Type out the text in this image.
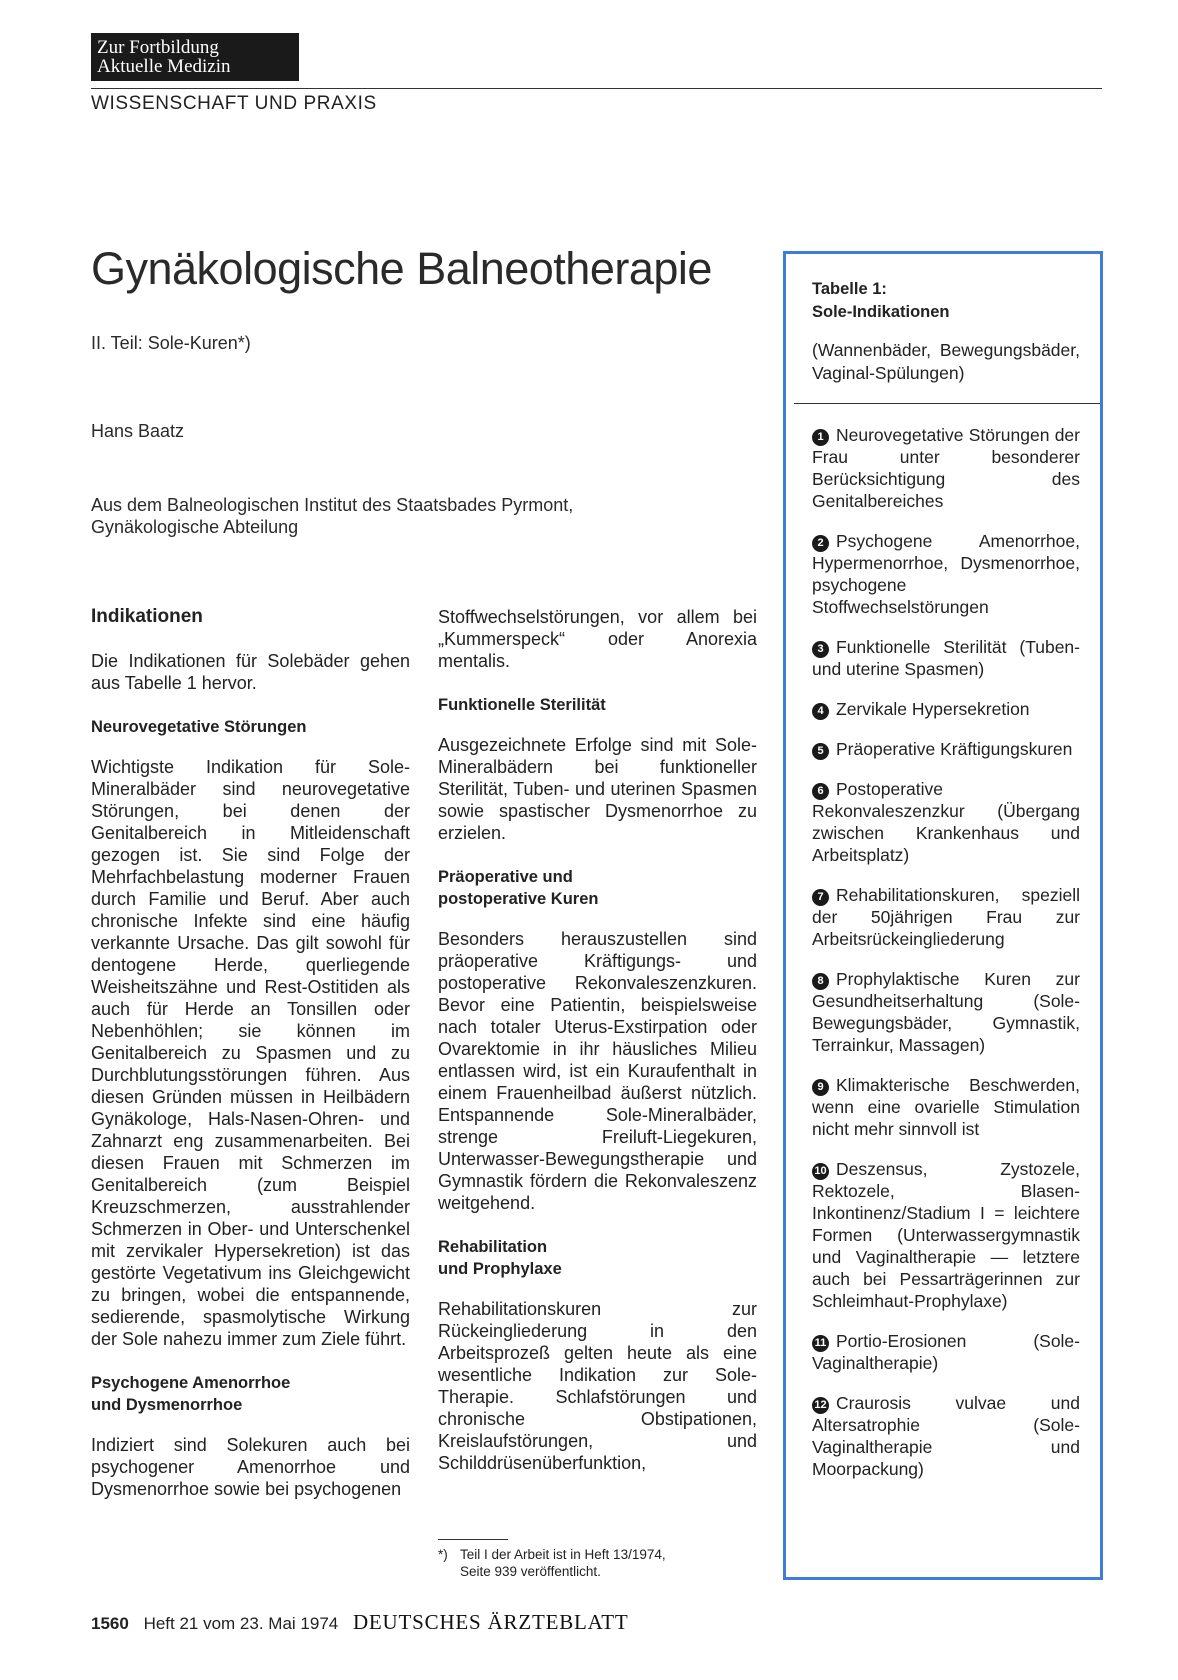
Zur Fortbildung
Aktuelle Medizin
WISSENSCHAFT UND PRAXIS
Gynäkologische Balneotherapie
II. Teil: Sole-Kuren*)
Hans Baatz
Aus dem Balneologischen Institut des Staatsbades Pyrmont,
Gynäkologische Abteilung
Indikationen

Die Indikationen für Solebäder gehen aus Tabelle 1 hervor.

Neurovegetative Störungen

Wichtigste Indikation für Sole-Mineralbäder sind neurovegetative Störungen, bei denen der Genitalbereich in Mitleidenschaft gezogen ist. Sie sind Folge der Mehrfachbelastung moderner Frauen durch Familie und Beruf. Aber auch chronische Infekte sind eine häufig verkannte Ursache. Das gilt sowohl für dentogene Herde, querliegende Weisheitszähne und Rest-Ostitiden als auch für Herde an Tonsillen oder Nebenhöhlen; sie können im Genitalbereich zu Spasmen und zu Durchblutungsstörungen führen. Aus diesen Gründen müssen in Heilbädern Gynäkologe, Hals-Nasen-Ohren- und Zahnarzt eng zusammenarbeiten. Bei diesen Frauen mit Schmerzen im Genitalbereich (zum Beispiel Kreuzschmerzen, ausstrahlender Schmerzen in Ober- und Unterschenkel mit zervikaler Hypersekretion) ist das gestörte Vegetativum ins Gleichgewicht zu bringen, wobei die entspannende, sedierende, spasmolytische Wirkung der Sole nahezu immer zum Ziele führt.

Psychogene Amenorrhoe
und Dysmenorrhoe

Indiziert sind Solekuren auch bei psychogener Amenorrhoe und Dysmenorrhoe sowie bei psychogenen

Stoffwechselstörungen, vor allem bei „Kummerspeck“ oder Anorexia mentalis.

Funktionelle Sterilität

Ausgezeichnete Erfolge sind mit Sole-Mineralbädern bei funktioneller Sterilität, Tuben- und uterinen Spasmen sowie spastischer Dysmenorrhoe zu erzielen.

Präoperative und
postoperative Kuren

Besonders herauszustellen sind präoperative Kräftigungs- und postoperative Rekonvaleszenzkuren. Bevor eine Patientin, beispielsweise nach totaler Uterus-Exstirpation oder Ovarektomie in ihr häusliches Milieu entlassen wird, ist ein Kuraufenthalt in einem Frauenheilbad äußerst nützlich. Entspannende Sole-Mineralbäder, strenge Freiluft-Liegekuren, Unterwasser-Bewegungstherapie und Gymnastik fördern die Rekonvaleszenz weitgehend.

Rehabilitation
und Prophylaxe

Rehabilitationskuren zur Rückeingliederung in den Arbeitsprozeß gelten heute als eine wesentliche Indikation zur Sole-Therapie. Schlafstörungen und chronische Obstipationen, Kreislaufstörungen, und Schilddrüsenüberfunktion,

*) Teil I der Arbeit ist in Heft 13/1974,
Seite 939 veröffentlicht.
Tabelle 1:
Sole-Indikationen
(Wannenbäder, Bewegungsbäder, Vaginal-Spülungen)
1 Neurovegetative Störungen der Frau unter besonderer Berücksichtigung des Genitalbereiches
2 Psychogene Amenorrhoe, Hypermenorrhoe, Dysmenorrhoe, psychogene Stoffwechselstörungen
3 Funktionelle Sterilität (Tuben- und uterine Spasmen)
4 Zervikale Hypersekretion
5 Präoperative Kräftigungskuren
6 Postoperative Rekonvaleszenzkur (Übergang zwischen Krankenhaus und Arbeitsplatz)
7 Rehabilitationskuren, speziell der 50jährigen Frau zur Arbeitsrückeingliederung
8 Prophylaktische Kuren zur Gesundheitserhaltung (Sole-Bewegungsbäder, Gymnastik, Terrainkur, Massagen)
9 Klimakterische Beschwerden, wenn eine ovarielle Stimulation nicht mehr sinnvoll ist
10 Deszensus, Zystozele, Rektozele, Blasen-Inkontinenz/Stadium I = leichtere Formen (Unterwassergymnastik und Vaginaltherapie — letztere auch bei Pessarträgerinnen zur Schleimhaut-Prophylaxe)
11 Portio-Erosionen (Sole-Vaginaltherapie)
12 Craurosis vulvae und Altersatrophie (Sole-Vaginaltherapie und Moorpackung)
1560 Heft 21 vom 23. Mai 1974 DEUTSCHES ÄRZTEBLATT
